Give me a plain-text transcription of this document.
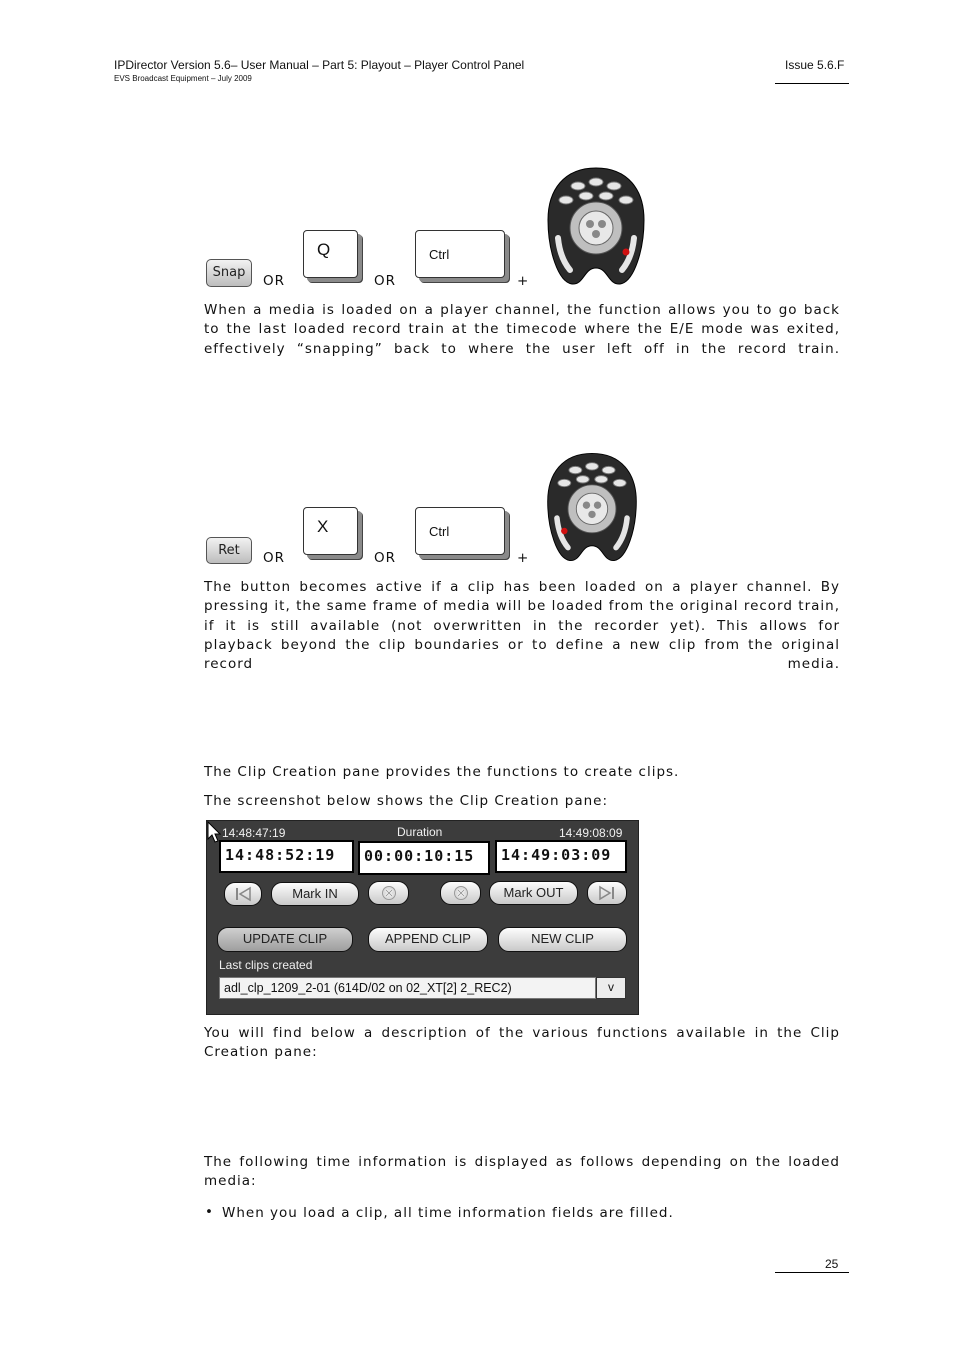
IPDirector Version 5.6– User Manual – Part 5: Playout – Player Control Panel
EVS Broadcast Equipment – July 2009
Issue 5.6.F
Snap
OR
Q
OR
Ctrl
+
When a media is loaded on a player channel, the function allows you to go back to the last loaded record train at the timecode where the E/E mode was exited, effectively “snapping” back to where the user left off in the record train.
Ret	OR
X
OR
Ctrl
+
The button becomes active if a clip has been loaded on a player channel. By pressing it, the same frame of media will be loaded from the original record train, if it is still available (not overwritten in the recorder yet). This allows for playback beyond the clip boundaries or to define a new clip from the original record media.
The Clip Creation pane provides the functions to create clips.
The screenshot below shows the Clip Creation pane:
14:48:47:19	Duration	14:49:08:09
14:48:52:19	00:00:10:15	14:49:03:09
Mark IN	Mark OUT
UPDATE CLIP	APPEND CLIP	NEW CLIP
Last clips created
adl_clp_1209_2-01 (614D/02 on 02_XT[2] 2_REC2)	v
You will find below a description of the various functions available in the Clip Creation pane:
The following time information is displayed as follows depending on the loaded media:
• When you load a clip, all time information fields are filled.
25
